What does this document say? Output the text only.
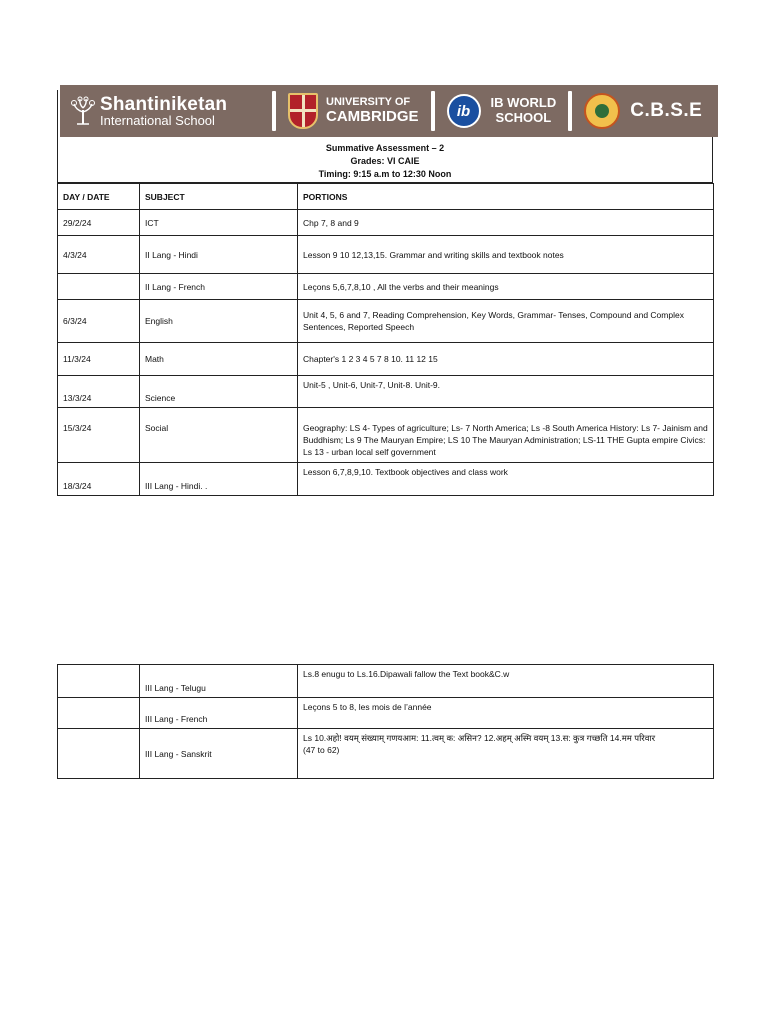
Shantiniketan
International School
UNIVERSITY OF
CAMBRIDGE	ib	IB WORLD
SCHOOL	C.B.S.E
Summative Assessment – 2
Grades: VI CAIE
Timing: 9:15 a.m to 12:30 Noon
DAY / DATE	SUBJECT	PORTIONS
29/2/24	ICT	Chp 7, 8 and 9
4/3/24	II Lang - Hindi	Lesson 9 10 12,13,15. Grammar and writing skills and textbook notes
	II Lang - French	Leçons 5,6,7,8,10 , All the verbs and their meanings
6/3/24	English	Unit 4, 5, 6 and 7, Reading Comprehension, Key Words, Grammar- Tenses, Compound and Complex Sentences, Reported Speech
11/3/24	Math	Chapter's 1 2 3 4 5 7 8 10. 11 12 15
13/3/24	Science	Unit-5 , Unit-6, Unit-7, Unit-8. Unit-9.
15/3/24	Social	Geography: LS 4- Types of agriculture; Ls- 7 North America; Ls -8 South America History: Ls 7- Jainism and Buddhism; Ls 9 The Mauryan Empire; LS 10 The Mauryan Administration; LS-11 THE Gupta empire Civics: Ls 13 - urban local self government
18/3/24	III Lang - Hindi. .	Lesson 6,7,8,9,10. Textbook objectives and class work
	III Lang - Telugu	Ls.8 enugu to Ls.16.Dipawali fallow the Text book&C.w
	III Lang - French	Leçons 5 to 8, les mois de l’année
	III Lang - Sanskrit	Ls 10.अहो! वयम् संख्याम् गणयआम: 11.त्वम् क: असिन? 12.अहम् अस्मि वयम् 13.स: कुत्र गच्छति 14.मम परिवार
(47 to 62)
